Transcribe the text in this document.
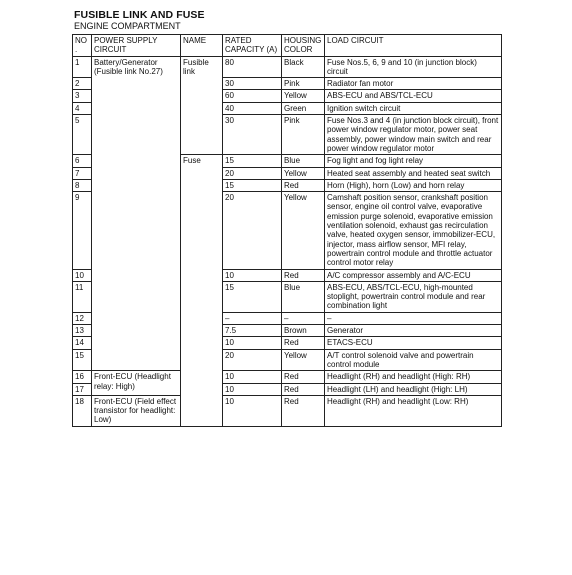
FUSIBLE LINK AND FUSE
ENGINE COMPARTMENT
NO.	POWER SUPPLY CIRCUIT	NAME	RATED CAPACITY (A)	HOUSING COLOR	LOAD CIRCUIT
1	Battery/Generator (Fusible link No.27)	Fusible link	80	Black	Fuse Nos.5, 6, 9 and 10 (in junction block) circuit
2			30	Pink	Radiator fan motor
3			60	Yellow	ABS-ECU and ABS/TCL-ECU
4			40	Green	Ignition switch circuit
5			30	Pink	Fuse Nos.3 and 4 (in junction block circuit), front power window regulator motor, power seat assembly, power window main switch and rear power window regulator motor
6		Fuse	15	Blue	Fog light and fog light relay
7			20	Yellow	Heated seat assembly and heated seat switch
8			15	Red	Horn (High), horn (Low) and horn relay
9			20	Yellow	Camshaft position sensor, crankshaft position sensor, engine oil control valve, evaporative emission purge solenoid, evaporative emission ventilation solenoid, exhaust gas recirculation valve, heated oxygen sensor, immobilizer-ECU, injector, mass airflow sensor, MFI relay, powertrain control module and throttle actuator control motor relay
10			10	Red	A/C compressor assembly and A/C-ECU
11			15	Blue	ABS-ECU, ABS/TCL-ECU, high-mounted stoplight, powertrain control module and rear combination light
12			–	–	–
13			7.5	Brown	Generator
14			10	Red	ETACS-ECU
15			20	Yellow	A/T control solenoid valve and powertrain control module
16	Front-ECU (Headlight relay: High)		10	Red	Headlight (RH) and headlight (High: RH)
17			10	Red	Headlight (LH) and headlight (High: LH)
18	Front-ECU (Field effect transistor for headlight: Low)		10	Red	Headlight (RH) and headlight (Low: RH)
